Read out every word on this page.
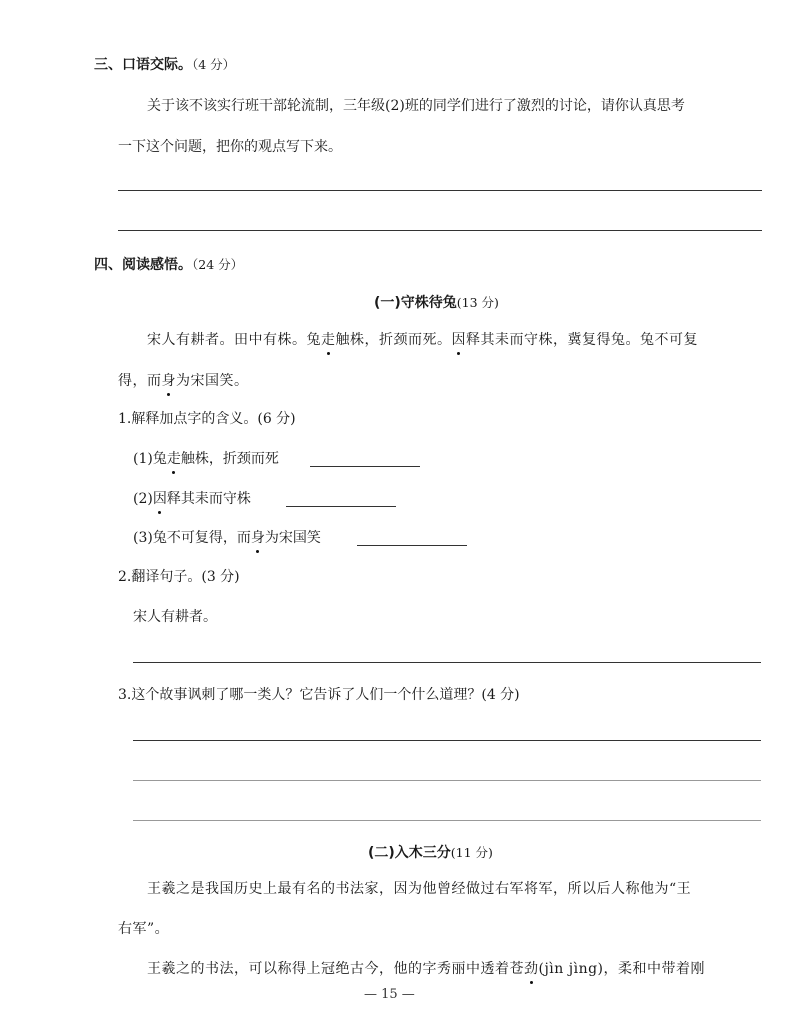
三、口语交际。（4 分）
关于该不该实行班干部轮流制，三年级(2)班的同学们进行了激烈的讨论，请你认真思考
一下这个问题，把你的观点写下来。
四、阅读感悟。（24 分）
(一)守株待兔(13 分)
宋人有耕者。田中有株。兔走触株，折颈而死。因释其耒而守株，冀复得兔。兔不可复
得，而身为宋国笑。
1.解释加点字的含义。(6 分)
(1)兔走触株，折颈而死
(2)因释其耒而守株
(3)兔不可复得，而身为宋国笑
2.翻译句子。(3 分)
宋人有耕者。
3.这个故事讽刺了哪一类人？它告诉了人们一个什么道理？(4 分)
(二)入木三分(11 分)
王羲之是我国历史上最有名的书法家，因为他曾经做过右军将军，所以后人称他为“王
右军”。
王羲之的书法，可以称得上冠绝古今，他的字秀丽中透着苍劲(jìn jìng)，柔和中带着刚
— 15 —
